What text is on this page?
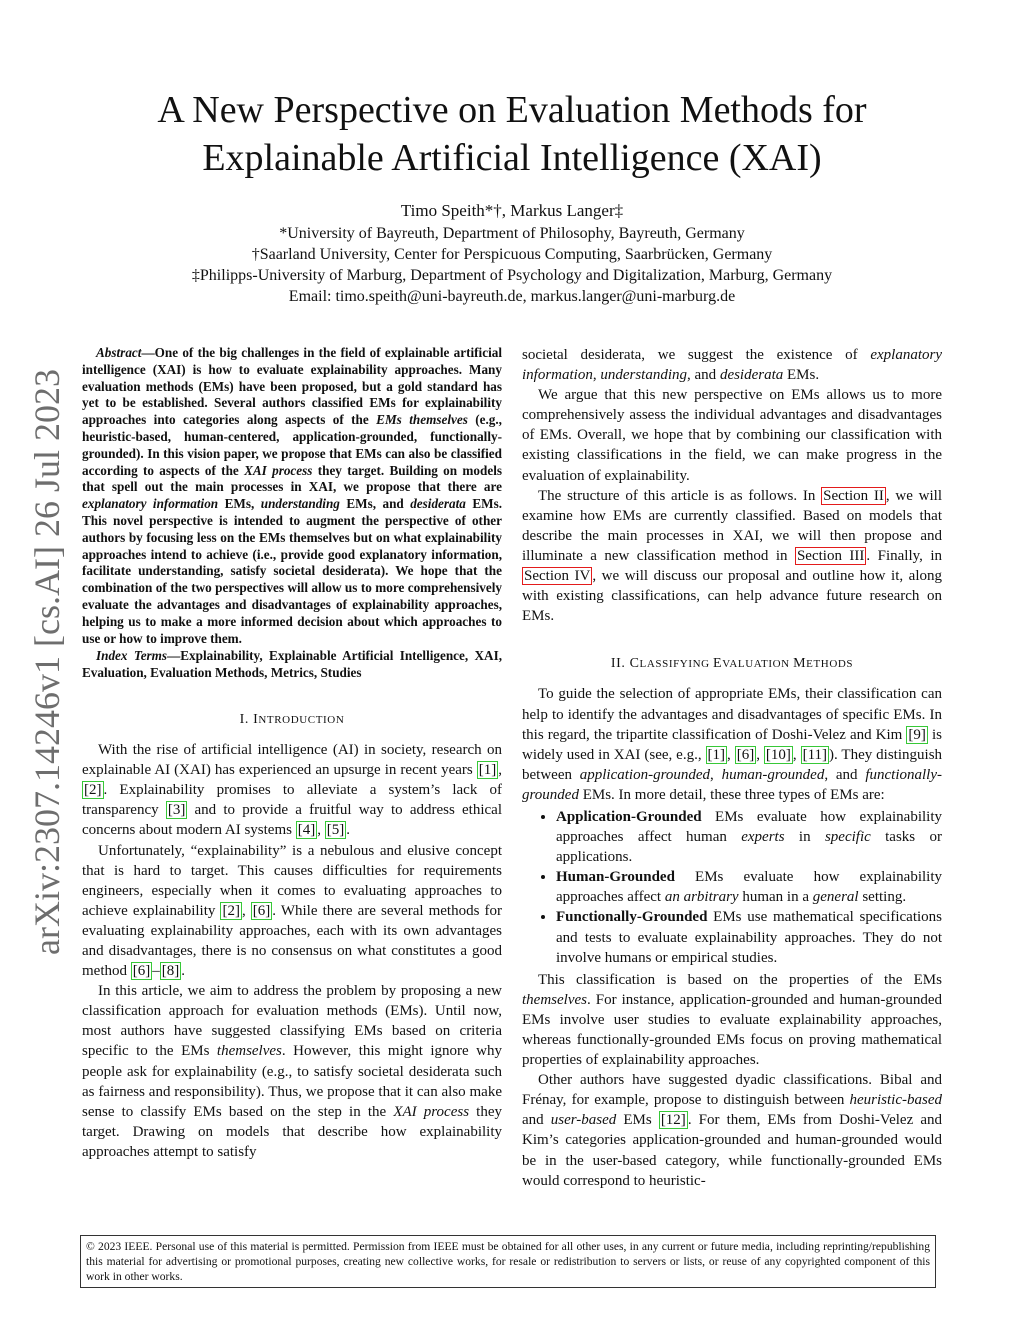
A New Perspective on Evaluation Methods for
Explainable Artificial Intelligence (XAI)
Timo Speith*†, Markus Langer‡
*University of Bayreuth, Department of Philosophy, Bayreuth, Germany
†Saarland University, Center for Perspicuous Computing, Saarbrücken, Germany
‡Philipps-University of Marburg, Department of Psychology and Digitalization, Marburg, Germany
Email: timo.speith@uni-bayreuth.de, markus.langer@uni-marburg.de
arXiv:2307.14246v1 [cs.AI] 26 Jul 2023

Abstract—One of the big challenges in the field of explainable artificial intelligence (XAI) is how to evaluate explainability approaches. Many evaluation methods (EMs) have been proposed, but a gold standard has yet to be established. Several authors classified EMs for explainability approaches into categories along aspects of the EMs themselves (e.g., heuristic-based, human-centered, application-grounded, functionally-grounded). In this vision paper, we propose that EMs can also be classified according to aspects of the XAI process they target. Building on models that spell out the main processes in XAI, we propose that there are explanatory information EMs, understanding EMs, and desiderata EMs. This novel perspective is intended to augment the perspective of other authors by focusing less on the EMs themselves but on what explainability approaches intend to achieve (i.e., provide good explanatory information, facilitate understanding, satisfy societal desiderata). We hope that the combination of the two perspectives will allow us to more comprehensively evaluate the advantages and disadvantages of explainability approaches, helping us to make a more informed decision about which approaches to use or how to improve them.

Index Terms—Explainability, Explainable Artificial Intelligence, XAI, Evaluation, Evaluation Methods, Metrics, Studies

I. INTRODUCTION

With the rise of artificial intelligence (AI) in society, research on explainable AI (XAI) has experienced an upsurge in recent years [1] , [2] . Explainability promises to alleviate a system’s lack of transparency [3] and to provide a fruitful way to address ethical concerns about modern AI systems [4] , [5] .

Unfortunately, “explainability” is a nebulous and elusive concept that is hard to target. This causes difficulties for requirements engineers, especially when it comes to evaluating approaches to achieve explainability [2] , [6] . While there are several methods for evaluating explainability approaches, each with its own advantages and disadvantages, there is no consensus on what constitutes a good method [6] – [8] .

In this article, we aim to address the problem by proposing a new classification approach for evaluation methods (EMs). Until now, most authors have suggested classifying EMs based on criteria specific to the EMs themselves. However, this might ignore why people ask for explainability (e.g., to satisfy societal desiderata such as fairness and responsibility). Thus, we propose that it can also make sense to classify EMs based on the step in the XAI process they target. Drawing on models that describe how explainability approaches attempt to satisfy

societal desiderata, we suggest the existence of explanatory information, understanding, and desiderata EMs.

We argue that this new perspective on EMs allows us to more comprehensively assess the individual advantages and disadvantages of EMs. Overall, we hope that by combining our classification with existing classifications in the field, we can make progress in the evaluation of explainability.

The structure of this article is as follows. In Section II , we will examine how EMs are currently classified. Based on models that describe the main processes in XAI, we will then propose and illuminate a new classification method in Section III . Finally, in Section IV , we will discuss our proposal and outline how it, along with existing classifications, can help advance future research on EMs.

II. CLASSIFYING EVALUATION METHODS

To guide the selection of appropriate EMs, their classification can help to identify the advantages and disadvantages of specific EMs. In this regard, the tripartite classification of Doshi-Velez and Kim [9] is widely used in XAI (see, e.g., [1] , [6] , [10] , [11] ). They distinguish between application-grounded, human-grounded, and functionally-grounded EMs. In more detail, these three types of EMs are:

• Application-Grounded EMs evaluate how explainability approaches affect human experts in specific tasks or applications.
• Human-Grounded EMs evaluate how explainability approaches affect an arbitrary human in a general setting.
• Functionally-Grounded EMs use mathematical specifications and tests to evaluate explainability approaches. They do not involve humans or empirical studies.

This classification is based on the properties of the EMs themselves. For instance, application-grounded and human-grounded EMs involve user studies to evaluate explainability approaches, whereas functionally-grounded EMs focus on proving mathematical properties of explainability approaches.

Other authors have suggested dyadic classifications. Bibal and Frénay, for example, propose to distinguish between heuristic-based and user-based EMs [12] . For them, EMs from Doshi-Velez and Kim’s categories application-grounded and human-grounded would be in the user-based category, while functionally-grounded EMs would correspond to heuristic-

© 2023 IEEE. Personal use of this material is permitted. Permission from IEEE must be obtained for all other uses, in any current or future media, including reprinting/republishing this material for advertising or promotional purposes, creating new collective works, for resale or redistribution to servers or lists, or reuse of any copyrighted component of this work in other works.
